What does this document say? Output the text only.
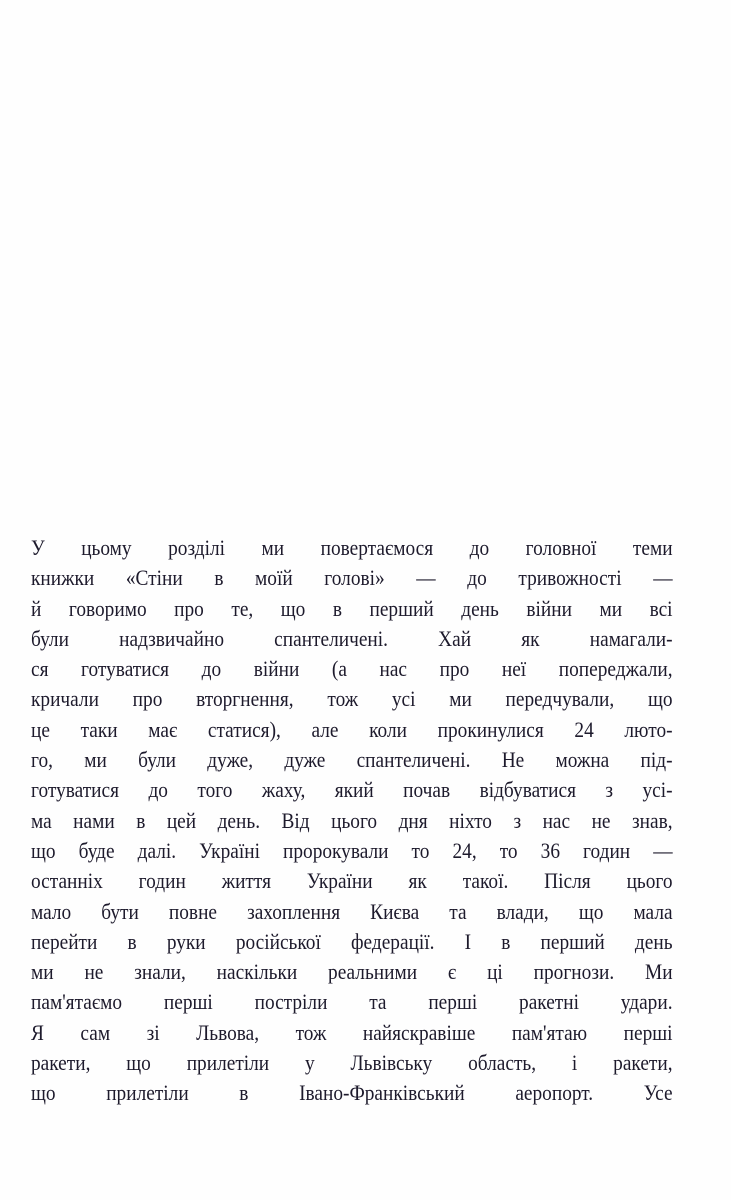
У цьому розділі ми повертаємося до головної теми
книжки «Стіни в моїй голові» — до тривожності —
й говоримо про те, що в перший день війни ми всі
були надзвичайно спантеличені. Хай як намагали-
ся готуватися до війни (а нас про неї попереджали,
кричали про вторгнення, тож усі ми передчували, що
це таки має статися), але коли прокинулися 24 люто-
го, ми були дуже, дуже спантеличені. Не можна під-
готуватися до того жаху, який почав відбуватися з усі-
ма нами в цей день. Від цього дня ніхто з нас не знав,
що буде далі. Україні пророкували то 24, то 36 годин —
останніх годин життя України як такої. Після цього
мало бути повне захоплення Києва та влади, що мала
перейти в руки російської федерації. І в перший день
ми не знали, наскільки реальними є ці прогнози. Ми
пам'ятаємо перші постріли та перші ракетні удари.
Я сам зі Львова, тож найяскравіше пам'ятаю перші
ракети, що прилетіли у Львівську область, і ракети,
що прилетіли в Івано-Франківський аеропорт. Усе
